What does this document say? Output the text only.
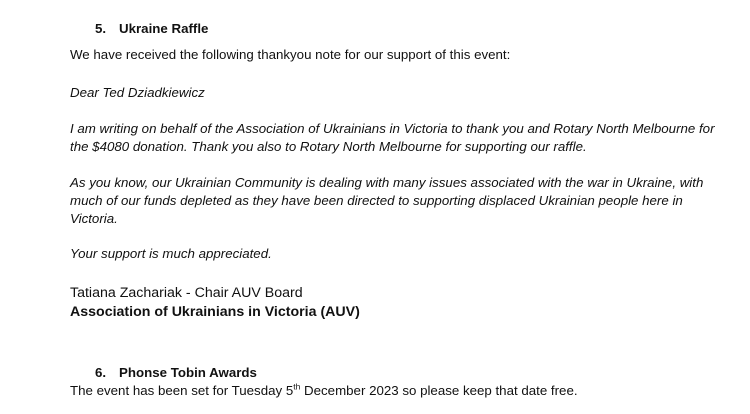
5. Ukraine Raffle

We have received the following thankyou note for our support of this event:

Dear Ted Dziadkiewicz

I am writing on behalf of the Association of Ukrainians in Victoria to thank you and Rotary North Melbourne for the $4080 donation. Thank you also to Rotary North Melbourne for supporting our raffle.

As you know, our Ukrainian Community is dealing with many issues associated with the war in Ukraine, with much of our funds depleted as they have been directed to supporting displaced Ukrainian people here in Victoria.

Your support is much appreciated.

Tatiana Zachariak - Chair AUV Board

Association of Ukrainians in Victoria (AUV)

6. Phonse Tobin Awards

The event has been set for Tuesday 5th December 2023 so please keep that date free.
